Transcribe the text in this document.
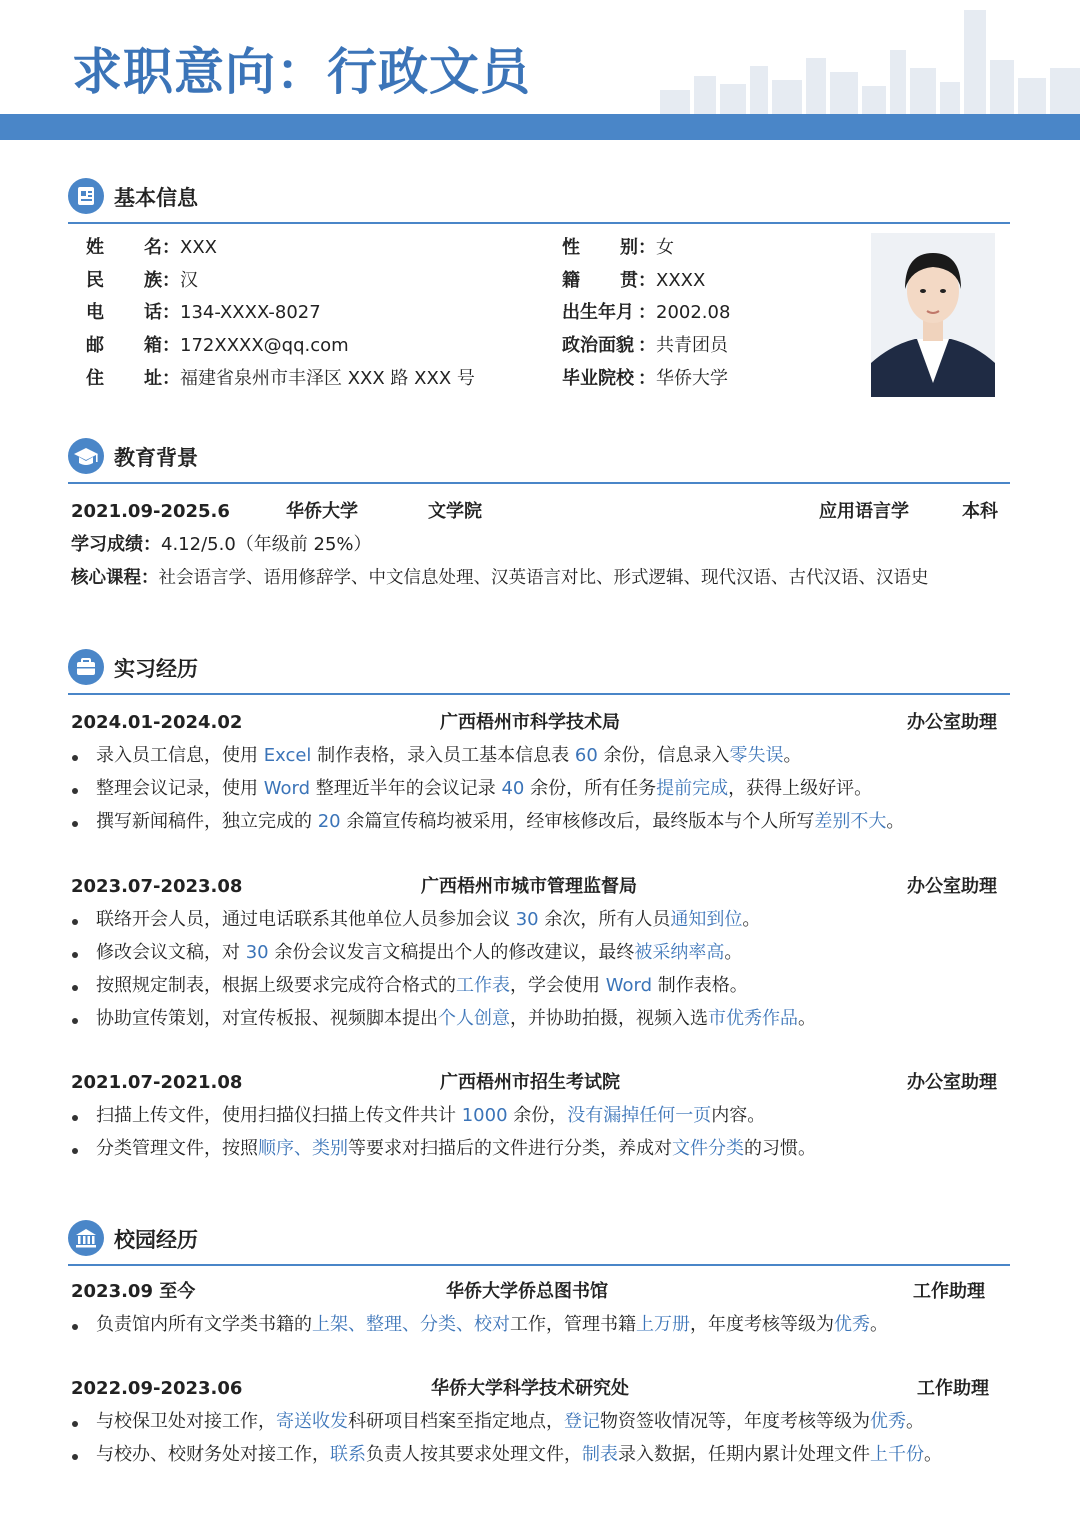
求职意向：行政文员
基本信息
姓 名 ：XXX
民 族 ：汉
电 话 ：134-XXXX-8027
邮 箱 ：172XXXX@qq.com
住 址 ：福建省泉州市丰泽区 XXX 路 XXX 号
性 别 ：女
籍 贯 ：XXXX
出生年月 ：2002.08
政治面貌 ：共青团员
毕业院校 ：华侨大学
教育背景
2021.09-2025.6	华侨大学	文学院	应用语言学	本科
学习成绩：4.12/5.0（年级前 25%）
核心课程：社会语言学、语用修辞学、中文信息处理、汉英语言对比、形式逻辑、现代汉语、古代汉语、汉语史
实习经历
2024.01-2024.02	广西梧州市科学技术局	办公室助理
录入员工信息，使用 Excel 制作表格，录入员工基本信息表 60 余份，信息录入零失误。
整理会议记录，使用 Word 整理近半年的会议记录 40 余份，所有任务提前完成，获得上级好评。
撰写新闻稿件，独立完成的 20 余篇宣传稿均被采用，经审核修改后，最终版本与个人所写差别不大。
2023.07-2023.08	广西梧州市城市管理监督局	办公室助理
联络开会人员，通过电话联系其他单位人员参加会议 30 余次，所有人员通知到位。
修改会议文稿，对 30 余份会议发言文稿提出个人的修改建议，最终被采纳率高。
按照规定制表，根据上级要求完成符合格式的工作表，学会使用 Word 制作表格。
协助宣传策划，对宣传板报、视频脚本提出个人创意，并协助拍摄，视频入选市优秀作品。
2021.07-2021.08	广西梧州市招生考试院	办公室助理
扫描上传文件，使用扫描仪扫描上传文件共计 1000 余份，没有漏掉任何一页内容。
分类管理文件，按照顺序、类别等要求对扫描后的文件进行分类，养成对文件分类的习惯。
校园经历
2023.09 至今	华侨大学侨总图书馆	工作助理
负责馆内所有文学类书籍的上架、整理、分类、校对工作，管理书籍上万册，年度考核等级为优秀。
2022.09-2023.06	华侨大学科学技术研究处	工作助理
与校保卫处对接工作，寄送收发科研项目档案至指定地点，登记物资签收情况等，年度考核等级为优秀。
与校办、校财务处对接工作，联系负责人按其要求处理文件，制表录入数据，任期内累计处理文件上千份。
